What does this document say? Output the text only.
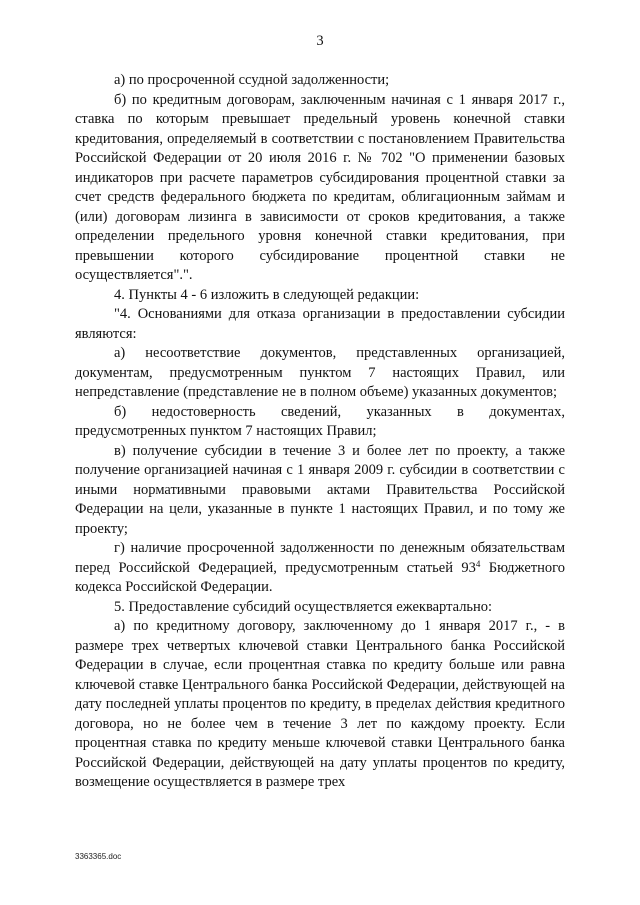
3

а) по просроченной ссудной задолженности;

б) по кредитным договорам, заключенным начиная с 1 января 2017 г., ставка по которым превышает предельный уровень конечной ставки кредитования, определяемый в соответствии с постановлением Правительства Российской Федерации от 20 июля 2016 г. № 702 "О применении базовых индикаторов при расчете параметров субсидирования процентной ставки за счет средств федерального бюджета по кредитам, облигационным займам и (или) договорам лизинга в зависимости от сроков кредитования, а также определении предельного уровня конечной ставки кредитования, при превышении которого субсидирование процентной ставки не осуществляется".".

4. Пункты 4 - 6 изложить в следующей редакции:

"4. Основаниями для отказа организации в предоставлении субсидии являются:

а) несоответствие документов, представленных организацией, документам, предусмотренным пунктом 7 настоящих Правил, или непредставление (представление не в полном объеме) указанных документов;

б) недостоверность сведений, указанных в документах, предусмотренных пунктом 7 настоящих Правил;

в) получение субсидии в течение 3 и более лет по проекту, а также получение организацией начиная с 1 января 2009 г. субсидии в соответствии с иными нормативными правовыми актами Правительства Российской Федерации на цели, указанные в пункте 1 настоящих Правил, и по тому же проекту;

г) наличие просроченной задолженности по денежным обязательствам перед Российской Федерацией, предусмотренным статьей $93^4$ Бюджетного кодекса Российской Федерации.

5. Предоставление субсидий осуществляется ежеквартально:

а) по кредитному договору, заключенному до 1 января 2017 г., - в размере трех четвертых ключевой ставки Центрального банка Российской Федерации в случае, если процентная ставка по кредиту больше или равна ключевой ставке Центрального банка Российской Федерации, действующей на дату последней уплаты процентов по кредиту, в пределах действия кредитного договора, но не более чем в течение 3 лет по каждому проекту. Если процентная ставка по кредиту меньше ключевой ставки Центрального банка Российской Федерации, действующей на дату уплаты процентов по кредиту, возмещение осуществляется в размере трех

3363365.doc
